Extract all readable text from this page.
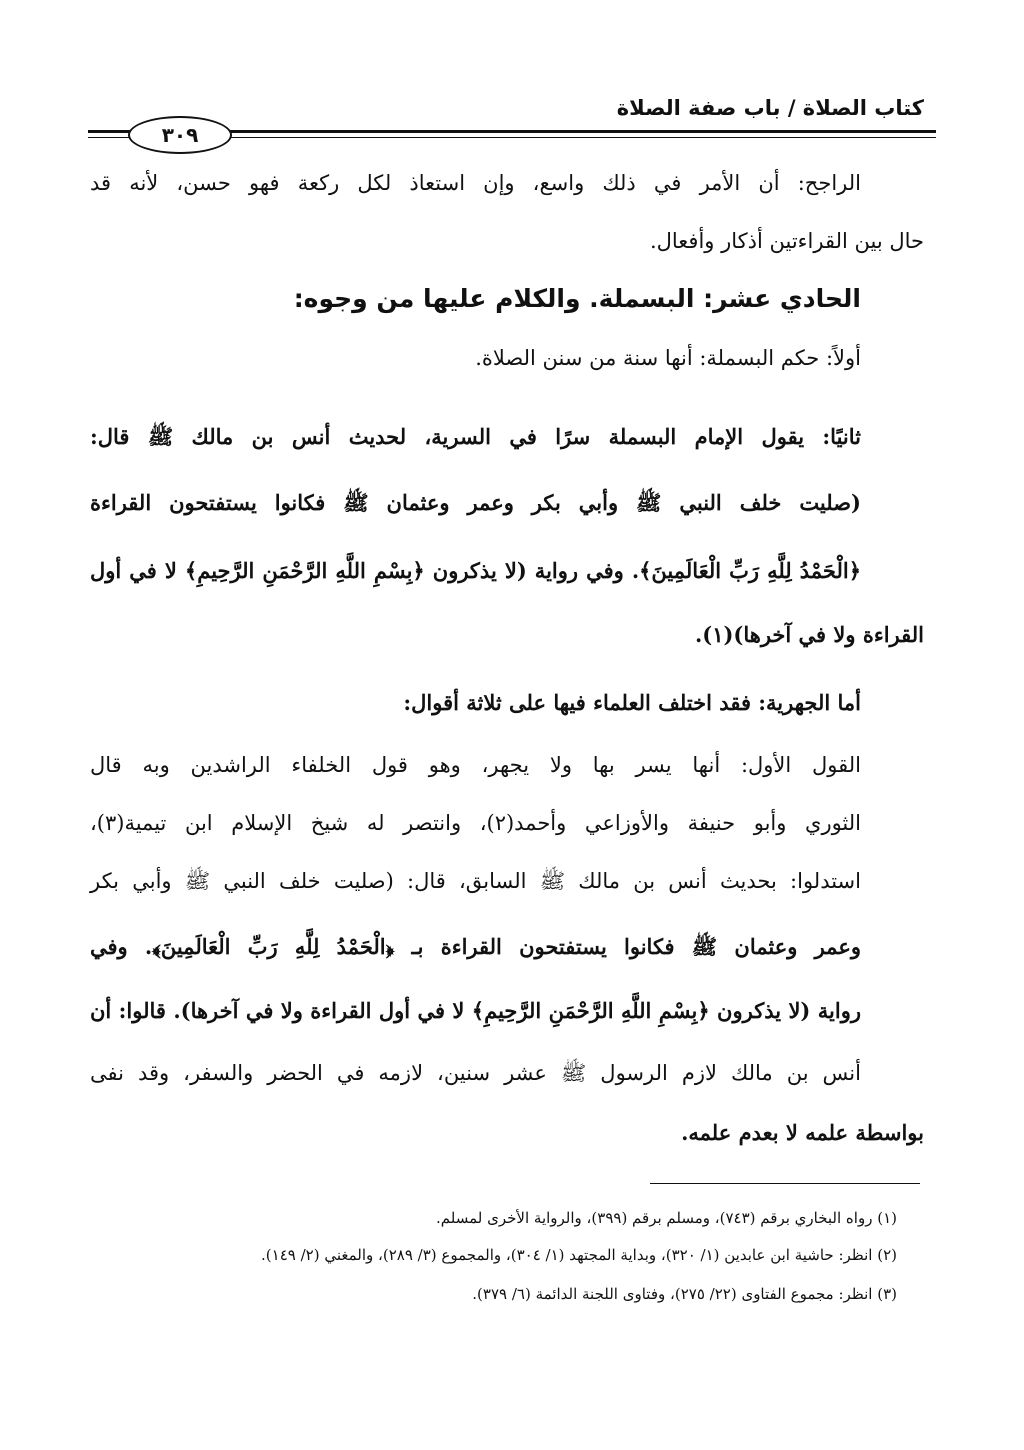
كتاب الصلاة / باب صفة الصلاة
٣٠٩
الراجح: أن الأمر في ذلك واسع، وإن استعاذ لكل ركعة فهو حسن، لأنه قد
حال بين القراءتين أذكار وأفعال.
الحادي عشر: البسملة. والكلام عليها من وجوه:
أولاً: حكم البسملة: أنها سنة من سنن الصلاة.
ثانيًا: يقول الإمام البسملة سرًا في السرية، لحديث أنس بن مالك ﷺ قال:
(صليت خلف النبي ﷺ وأبي بكر وعمر وعثمان ﷺ فكانوا يستفتحون القراءة
﴿الْحَمْدُ لِلَّهِ رَبِّ الْعَالَمِينَ﴾. وفي رواية (لا يذكرون ﴿بِسْمِ اللَّهِ الرَّحْمَنِ الرَّحِيمِ﴾ لا في أول
القراءة ولا في آخرها)(١).
أما الجهرية: فقد اختلف العلماء فيها على ثلاثة أقوال:
القول الأول: أنها يسر بها ولا يجهر، وهو قول الخلفاء الراشدين وبه قال
الثوري وأبو حنيفة والأوزاعي وأحمد(٢)، وانتصر له شيخ الإسلام ابن تيمية(٣)،
استدلوا: بحديث أنس بن مالك ﷺ السابق، قال: (صليت خلف النبي ﷺ وأبي بكر
وعمر وعثمان ﷺ فكانوا يستفتحون القراءة بـ ﴿الْحَمْدُ لِلَّهِ رَبِّ الْعَالَمِينَ﴾. وفي
رواية (لا يذكرون ﴿بِسْمِ اللَّهِ الرَّحْمَنِ الرَّحِيمِ﴾ لا في أول القراءة ولا في آخرها). قالوا: أن
أنس بن مالك لازم الرسول ﷺ عشر سنين، لازمه في الحضر والسفر، وقد نفى
بواسطة علمه لا بعدم علمه.
(١) رواه البخاري برقم (٧٤٣)، ومسلم برقم (٣٩٩)، والرواية الأخرى لمسلم.
(٢) انظر: حاشية ابن عابدين (١/ ٣٢٠)، وبداية المجتهد (١/ ٣٠٤)، والمجموع (٣/ ٢٨٩)، والمغني (٢/ ١٤٩).
(٣) انظر: مجموع الفتاوى (٢٢/ ٢٧٥)، وفتاوى اللجنة الدائمة (٦/ ٣٧٩).
